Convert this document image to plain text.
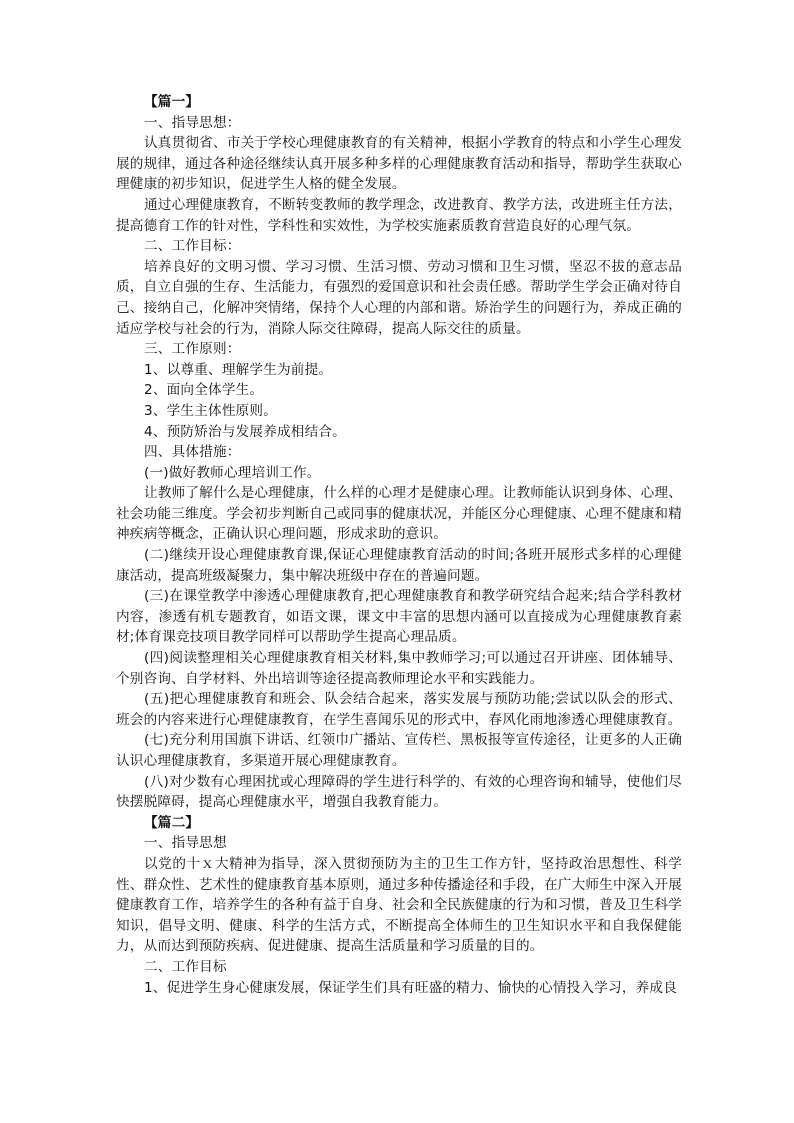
【篇一】

一、指导思想：

认真贯彻省、市关于学校心理健康教育的有关精神，根据小学教育的特点和小学生心理发展的规律，通过各种途径继续认真开展多种多样的心理健康教育活动和指导，帮助学生获取心理健康的初步知识，促进学生人格的健全发展。

通过心理健康教育，不断转变教师的教学理念，改进教育、教学方法，改进班主任方法，提高德育工作的针对性，学科性和实效性，为学校实施素质教育营造良好的心理气氛。

二、工作目标：

培养良好的文明习惯、学习习惯、生活习惯、劳动习惯和卫生习惯，坚忍不拔的意志品质，自立自强的生存、生活能力，有强烈的爱国意识和社会责任感。帮助学生学会正确对待自己、接纳自己，化解冲突情绪，保持个人心理的内部和谐。矫治学生的问题行为，养成正确的适应学校与社会的行为，消除人际交往障碍，提高人际交往的质量。

三、工作原则：

1、以尊重、理解学生为前提。

2、面向全体学生。

3、学生主体性原则。

4、预防矫治与发展养成相结合。

四、具体措施：

(一)做好教师心理培训工作。

让教师了解什么是心理健康，什么样的心理才是健康心理。让教师能认识到身体、心理、社会功能三维度。学会初步判断自己或同事的健康状况，并能区分心理健康、心理不健康和精神疾病等概念，正确认识心理问题，形成求助的意识。

(二)继续开设心理健康教育课,保证心理健康教育活动的时间;各班开展形式多样的心理健康活动，提高班级凝聚力，集中解决班级中存在的普遍问题。

(三)在课堂教学中渗透心理健康教育,把心理健康教育和教学研究结合起来;结合学科教材内容，渗透有机专题教育，如语文课，课文中丰富的思想内涵可以直接成为心理健康教育素材;体育课竞技项目教学同样可以帮助学生提高心理品质。

(四)阅读整理相关心理健康教育相关材料,集中教师学习;可以通过召开讲座、团体辅导、个别咨询、自学材料、外出培训等途径提高教师理论水平和实践能力。

(五)把心理健康教育和班会、队会结合起来，落实发展与预防功能;尝试以队会的形式、班会的内容来进行心理健康教育，在学生喜闻乐见的形式中，春风化雨地渗透心理健康教育。

(七)充分利用国旗下讲话、红领巾广播站、宣传栏、黑板报等宣传途径，让更多的人正确认识心理健康教育，多渠道开展心理健康教育。

(八)对少数有心理困扰或心理障碍的学生进行科学的、有效的心理咨询和辅导，使他们尽快摆脱障碍，提高心理健康水平，增强自我教育能力。

【篇二】

一、指导思想

以党的十ｘ大精神为指导，深入贯彻预防为主的卫生工作方针，坚持政治思想性、科学性、群众性、艺术性的健康教育基本原则，通过多种传播途径和手段，在广大师生中深入开展健康教育工作，培养学生的各种有益于自身、社会和全民族健康的行为和习惯，普及卫生科学知识，倡导文明、健康、科学的生活方式，不断提高全体师生的卫生知识水平和自我保健能力，从而达到预防疾病、促进健康、提高生活质量和学习质量的目的。

二、工作目标

1、促进学生身心健康发展，保证学生们具有旺盛的精力、愉快的心情投入学习，养成良
